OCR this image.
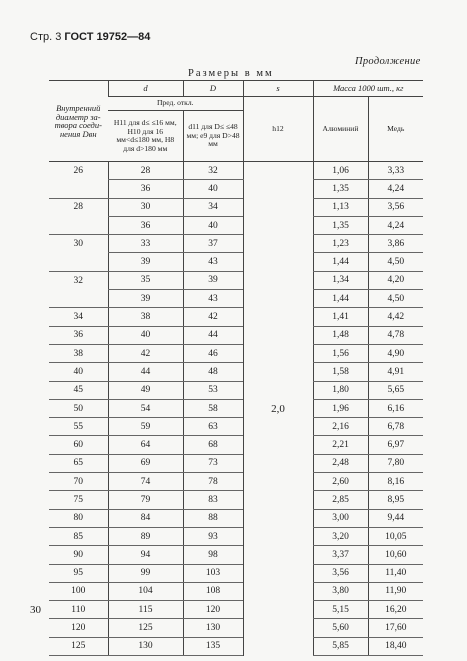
Стр. 3 ГОСТ 19752—84
Продолжение
Размеры в мм
Внутренний диаметр за-твора соеди-нения Dвн	d	D	s	Масса 1000 шт., кг	
	Пред. откл.		h12	Алюминий	Медь
	H11 для d≤ ≤16 мм, H10 для 16 мм<d≤180 мм, H8 для d>180 мм	d11 для D≤ ≤48 мм; e9 для D>48 мм			
26	28	32	2,0	1,06	3,33
	36	40		1,35	4,24
28	30	34		1,13	3,56
	36	40		1,35	4,24
30	33	37		1,23	3,86
	39	43		1,44	4,50
32	35	39		1,34	4,20
	39	43		1,44	4,50
34	38	42		1,41	4,42
36	40	44		1,48	4,78
38	42	46		1,56	4,90
40	44	48		1,58	4,91
45	49	53		1,80	5,65
50	54	58		1,96	6,16
55	59	63		2,16	6,78
60	64	68		2,21	6,97
65	69	73		2,48	7,80
70	74	78		2,60	8,16
75	79	83		2,85	8,95
80	84	88		3,00	9,44
85	89	93		3,20	10,05
90	94	98		3,37	10,60
95	99	103		3,56	11,40
100	104	108		3,80	11,90
110	115	120		5,15	16,20
120	125	130		5,60	17,60
125	130	135		5,85	18,40
30
